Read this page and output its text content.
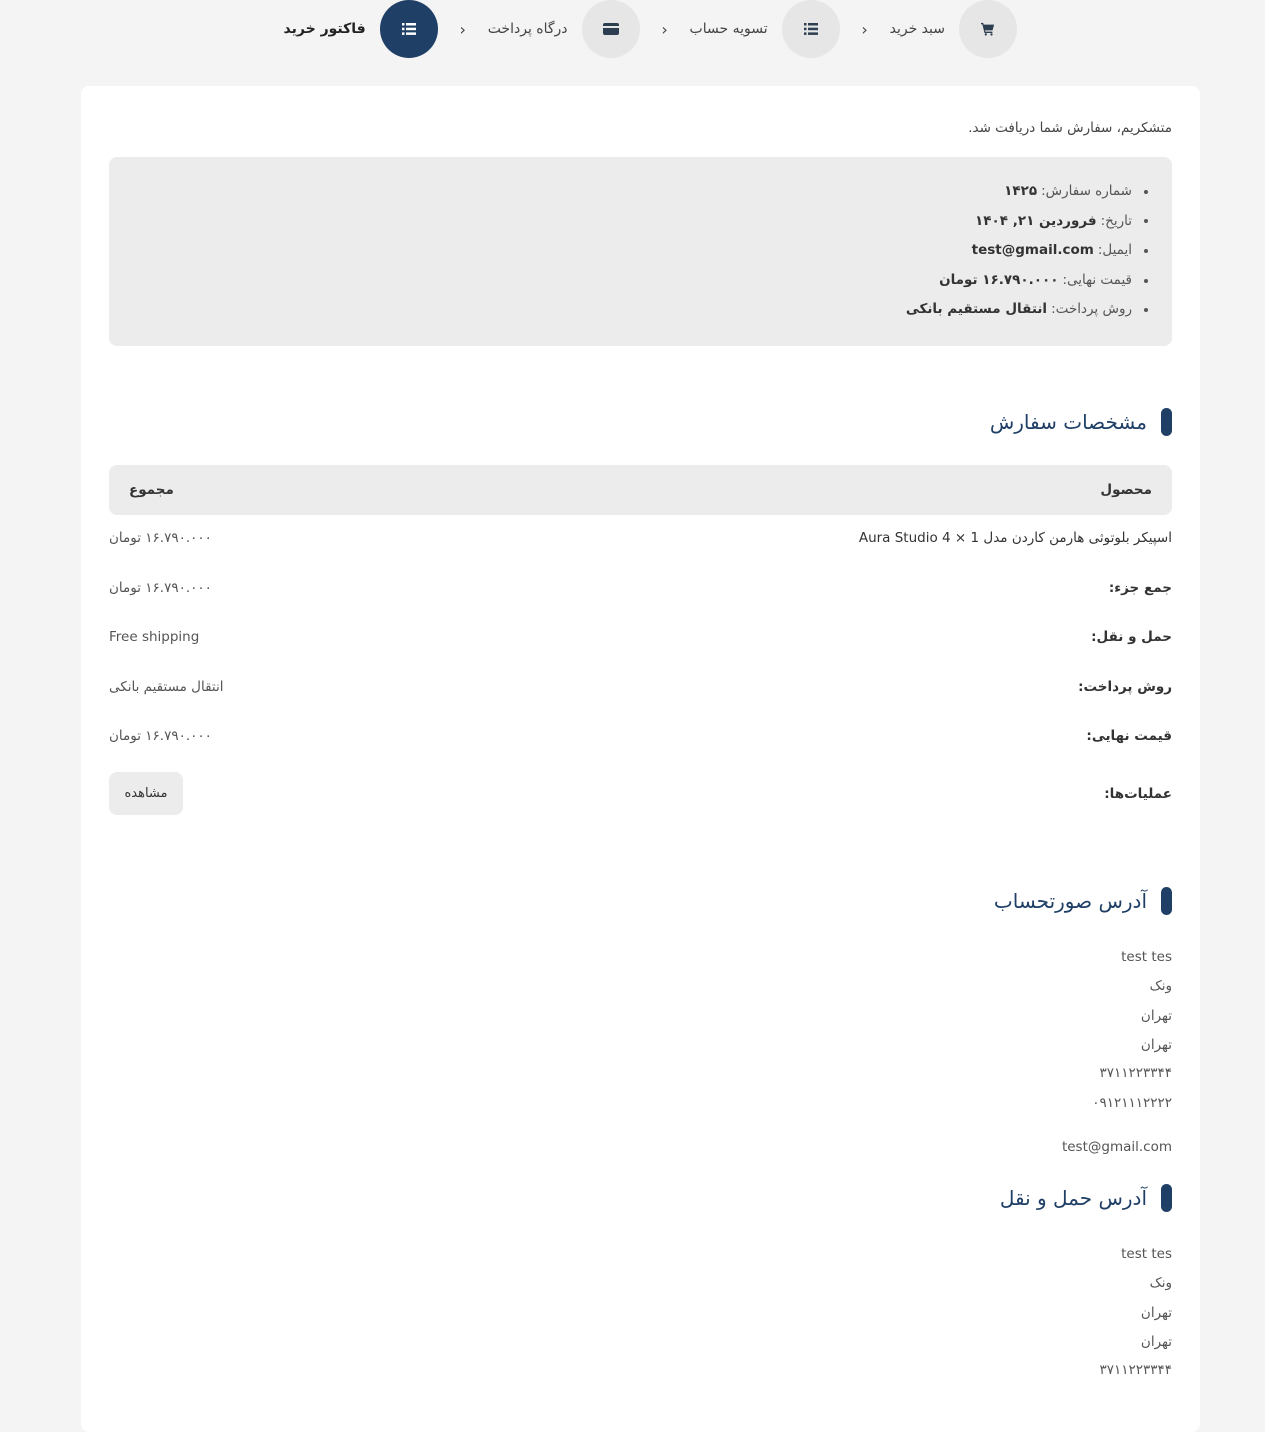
سبد خرید
‹
تسویه حساب
‹
درگاه پرداخت
‹
فاکتور خرید

متشکریم، سفارش شما دریافت شد.

شماره سفارش:
۱۴۲۵
تاریخ:
فروردین ۲۱, ۱۴۰۴
ایمیل:
test@gmail.com
قیمت نهایی:
۱۶.۷۹۰.۰۰۰ تومان
روش پرداخت:
انتقال مستقیم بانکی
مشخصات سفارش
محصول
مجموع
اسپیکر بلوتوثی هارمن کاردن مدل Aura Studio 4 × 1
۱۶.۷۹۰.۰۰۰ تومان
جمع جزء:
۱۶.۷۹۰.۰۰۰ تومان
حمل و نقل:
Free shipping
روش پرداخت:
انتقال مستقیم بانکی
قیمت نهایی:
۱۶.۷۹۰.۰۰۰ تومان
عملیات‌ها:
مشاهده
آدرس صورتحساب
test tes
ونک
تهران
تهران
۳۷۱۱۲۲۳۳۴۴
۰۹۱۲۱۱۱۲۲۲۲
test@gmail.com
آدرس حمل و نقل
test tes
ونک
تهران
تهران
۳۷۱۱۲۲۳۳۴۴
